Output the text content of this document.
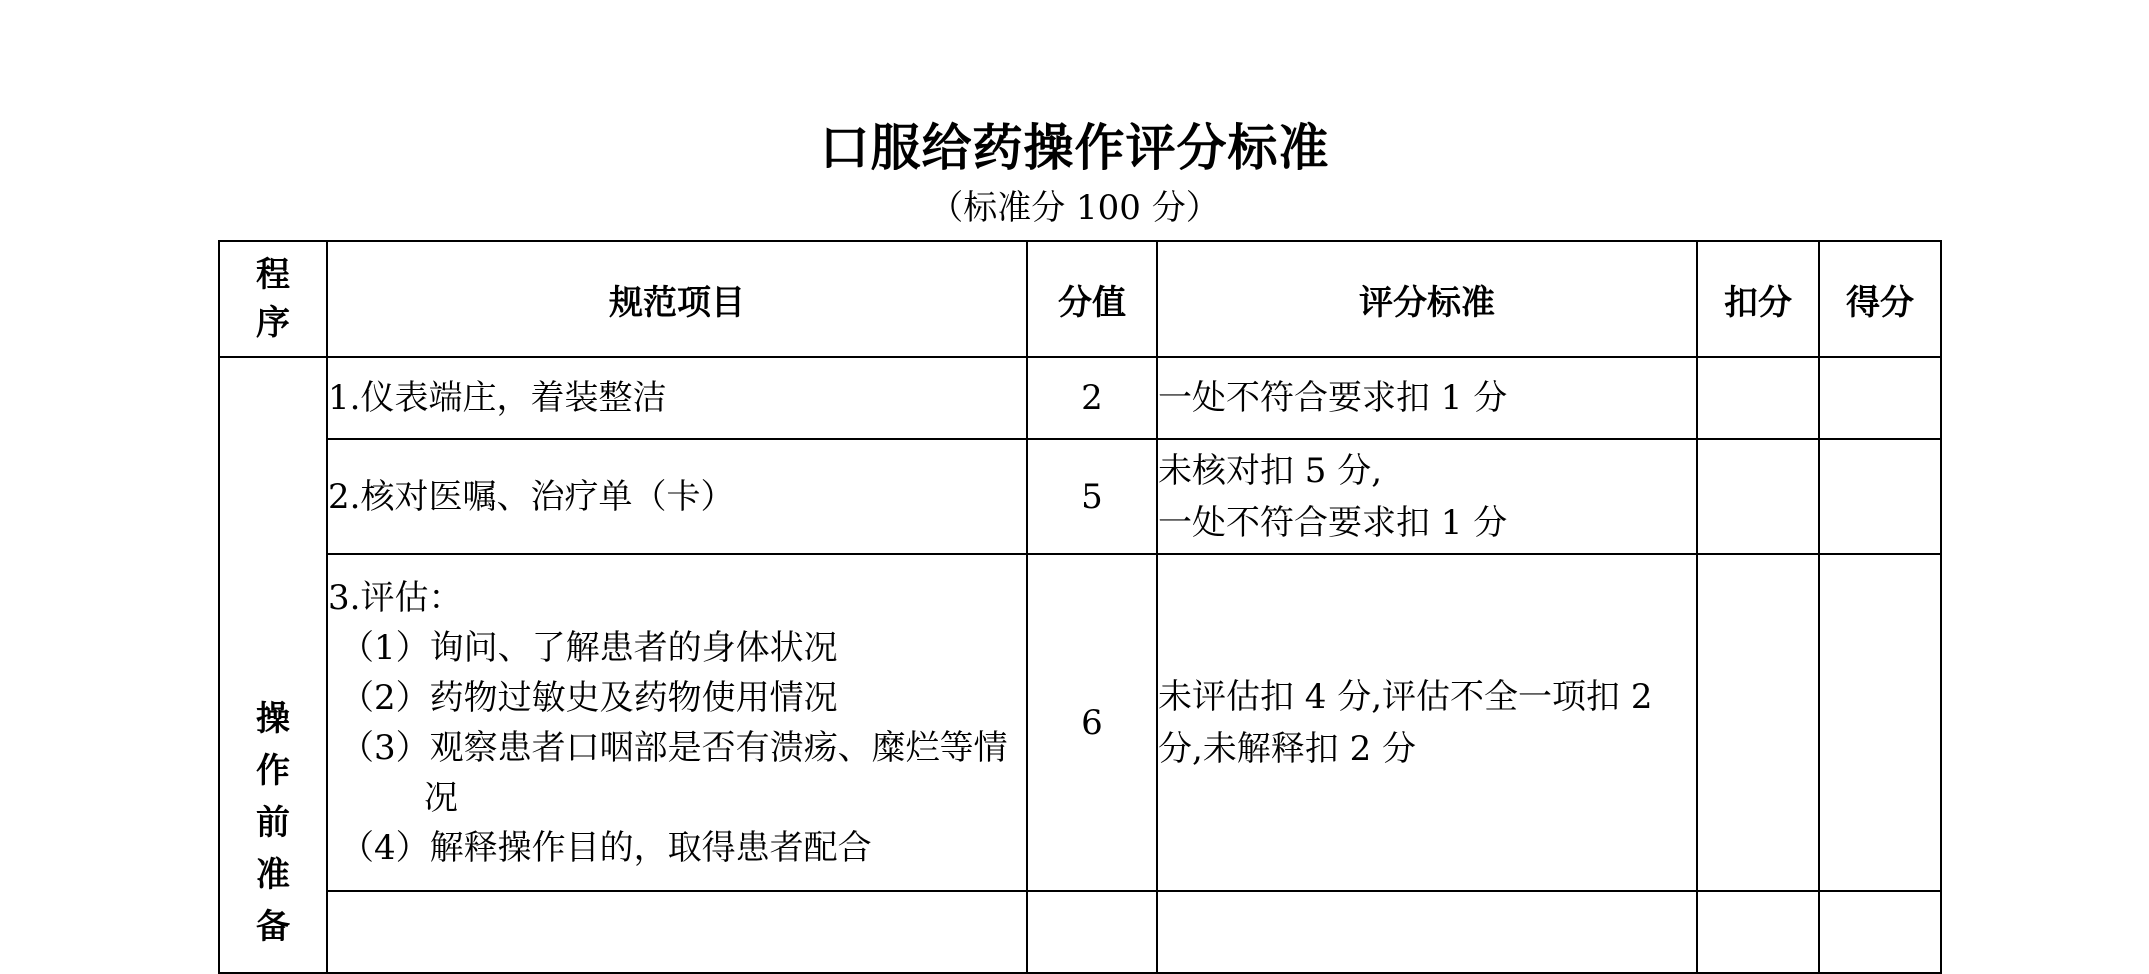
口服给药操作评分标准
（标准分 100 分）
程
序	规范项目	分值	评分标准	扣分	得分

操
作
前
准
备	1.仪表端庄，着装整洁	2	一处不符合要求扣 1 分		

	2.核对医嘱、治疗单（卡）	5	未核对扣 5 分,
一处不符合要求扣 1 分		

	3.评估：
（1）询问、了解患者的身体状况
（2）药物过敏史及药物使用情况
（3）观察患者口咽部是否有溃疡、糜烂等情况
（4）解释操作目的，取得患者配合	6	未评估扣 4 分,评估不全一项扣 2 分,未解释扣 2 分		
